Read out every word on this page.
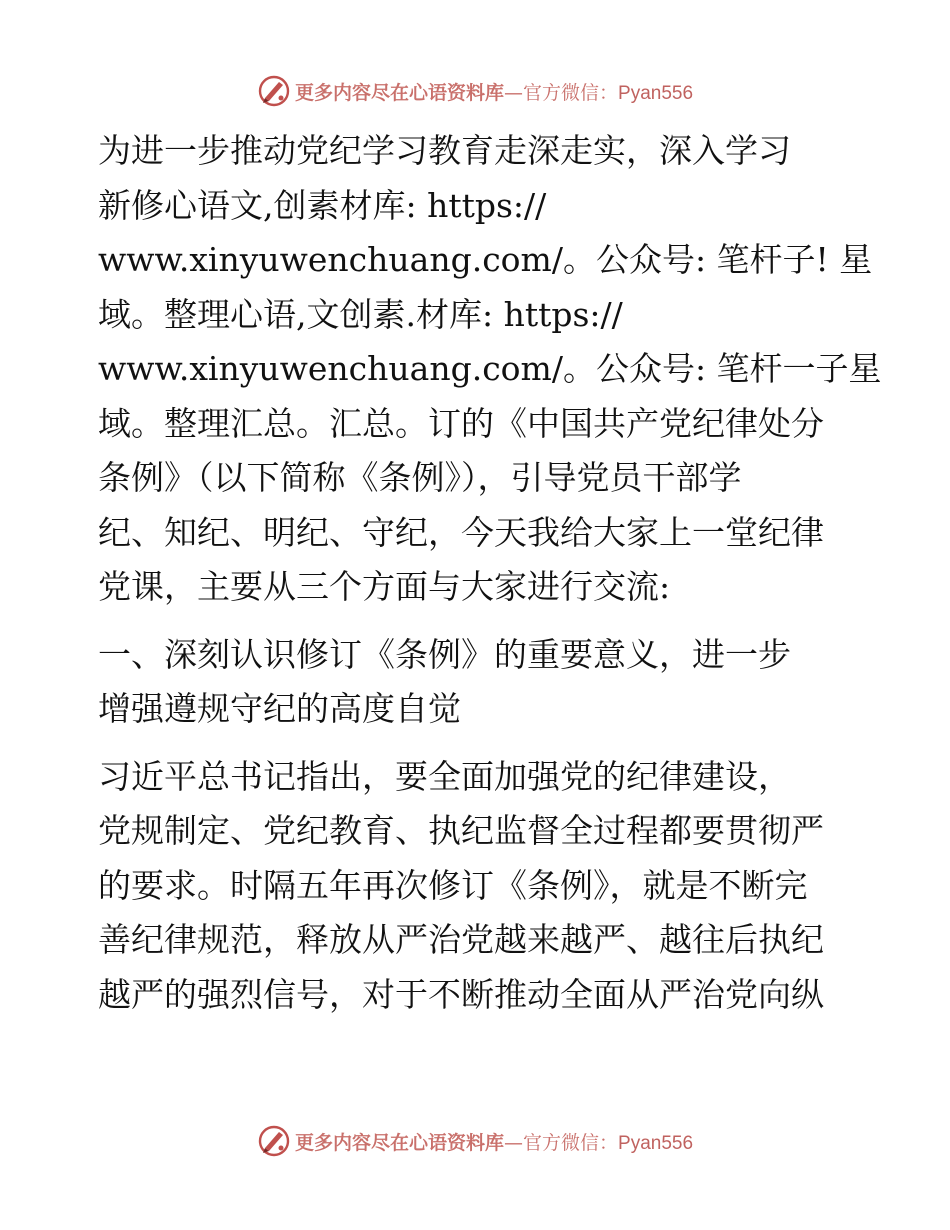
更多内容尽在心语资料库—官方微信：Pyan556
为进一步推动党纪学习教育走深走实，深入学习
新修心语文,创素材库: https://
www.xinyuwenchuang.com/。公众号: 笔杆子! 星
域。整理心语,文创素.材库: https://
www.xinyuwenchuang.com/。公众号: 笔杆一子星
域。整理汇总。汇总。订的《中国共产党纪律处分
条例》（以下简称《条例》），引导党员干部学
纪、知纪、明纪、守纪，今天我给大家上一堂纪律
党课，主要从三个方面与大家进行交流:
一、深刻认识修订《条例》的重要意义，进一步
增强遵规守纪的高度自觉
习近平总书记指出，要全面加强党的纪律建设，
党规制定、党纪教育、执纪监督全过程都要贯彻严
的要求。时隔五年再次修订《条例》，就是不断完
善纪律规范，释放从严治党越来越严、越往后执纪
越严的强烈信号，对于不断推动全面从严治党向纵
更多内容尽在心语资料库—官方微信：Pyan556
